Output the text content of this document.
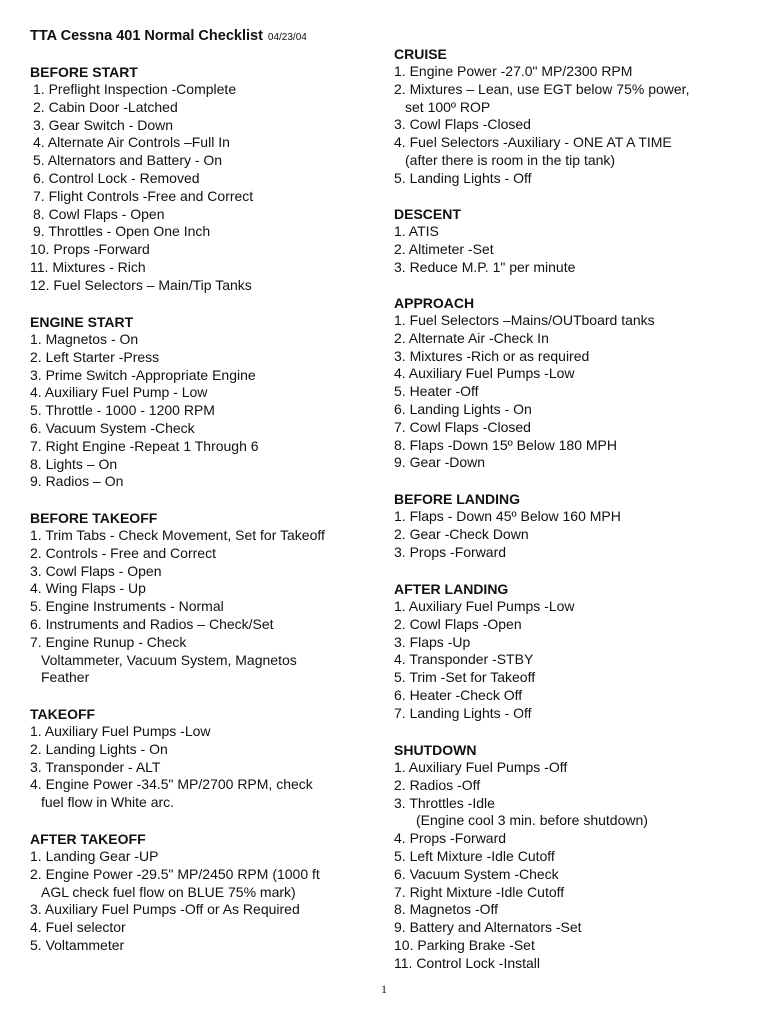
TTA Cessna 401 Normal Checklist 04/23/04
BEFORE START
1. Preflight Inspection -Complete
2. Cabin Door -Latched
3. Gear Switch - Down
4. Alternate Air Controls –Full In
5. Alternators and Battery - On
6. Control Lock - Removed
7. Flight Controls -Free and Correct
8. Cowl Flaps - Open
9. Throttles - Open One Inch
10. Props -Forward
11. Mixtures - Rich
12. Fuel Selectors – Main/Tip Tanks
ENGINE START
1. Magnetos - On
2. Left Starter -Press
3. Prime Switch -Appropriate Engine
4. Auxiliary Fuel Pump - Low
5. Throttle - 1000 - 1200 RPM
6. Vacuum System -Check
7. Right Engine -Repeat 1 Through 6
8. Lights – On
9. Radios – On
BEFORE TAKEOFF
1. Trim Tabs - Check Movement, Set for Takeoff
2. Controls - Free and Correct
3. Cowl Flaps - Open
4. Wing Flaps - Up
5. Engine Instruments - Normal
6. Instruments and Radios – Check/Set
7. Engine Runup - Check
Voltammeter, Vacuum System, Magnetos
Feather
TAKEOFF
1. Auxiliary Fuel Pumps -Low
2. Landing Lights - On
3. Transponder - ALT
4. Engine Power -34.5" MP/2700 RPM, check
fuel flow in White arc.
AFTER TAKEOFF
1. Landing Gear -UP
2. Engine Power -29.5" MP/2450 RPM (1000 ft
AGL check fuel flow on BLUE 75% mark)
3. Auxiliary Fuel Pumps -Off or As Required
4. Fuel selector
5. Voltammeter
CRUISE
1. Engine Power -27.0" MP/2300 RPM
2. Mixtures – Lean, use EGT below 75% power,
set 100º ROP
3. Cowl Flaps -Closed
4. Fuel Selectors -Auxiliary - ONE AT A TIME
(after there is room in the tip tank)
5. Landing Lights - Off
DESCENT
1. ATIS
2. Altimeter -Set
3. Reduce M.P. 1" per minute
APPROACH
1. Fuel Selectors –Mains/OUTboard tanks
2. Alternate Air -Check In
3. Mixtures -Rich or as required
4. Auxiliary Fuel Pumps -Low
5. Heater -Off
6. Landing Lights - On
7. Cowl Flaps -Closed
8. Flaps -Down 15º Below 180 MPH
9. Gear -Down
BEFORE LANDING
1. Flaps - Down 45º Below 160 MPH
2. Gear -Check Down
3. Props -Forward
AFTER LANDING
1. Auxiliary Fuel Pumps -Low
2. Cowl Flaps -Open
3. Flaps -Up
4. Transponder -STBY
5. Trim -Set for Takeoff
6. Heater -Check Off
7. Landing Lights - Off
SHUTDOWN
1. Auxiliary Fuel Pumps -Off
2. Radios -Off
3. Throttles -Idle
(Engine cool 3 min. before shutdown)
4. Props -Forward
5. Left Mixture -Idle Cutoff
6. Vacuum System -Check
7. Right Mixture -Idle Cutoff
8. Magnetos -Off
9. Battery and Alternators -Set
10. Parking Brake -Set
11. Control Lock -Install
1
